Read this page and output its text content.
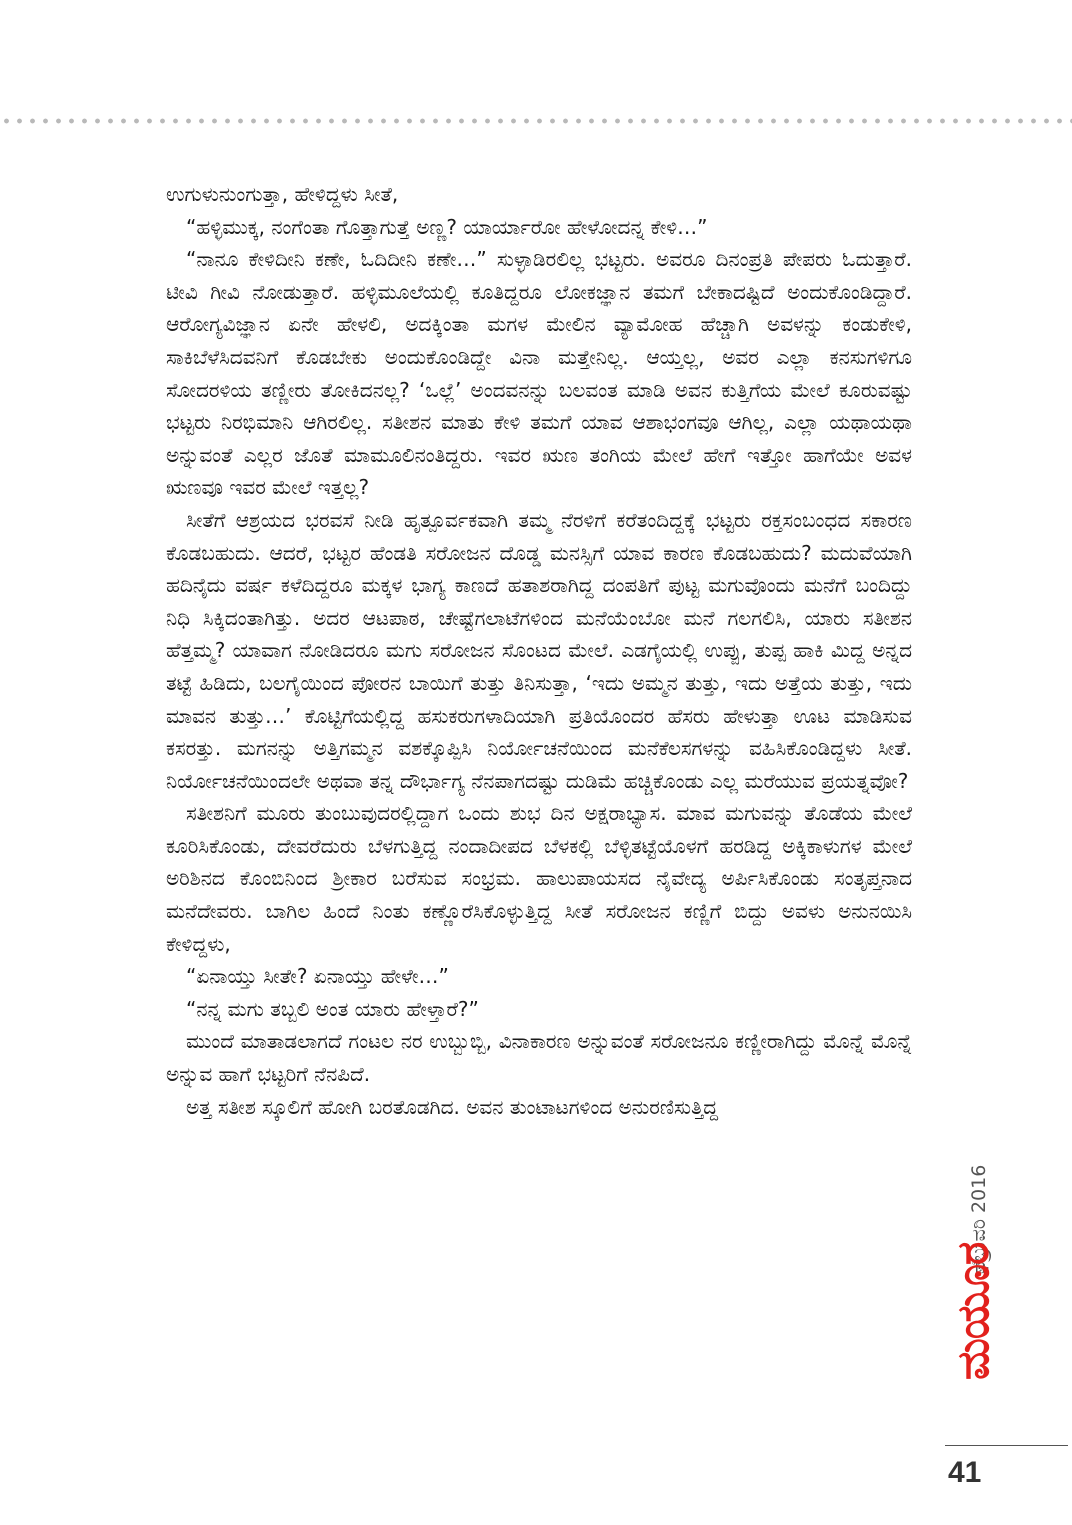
ಉಗುಳುನುಂಗುತ್ತಾ, ಹೇಳಿದ್ದಳು ಸೀತೆ,

“ಹಳ್ಳಿಮುಕ್ಕ, ನಂಗೆಂತಾ ಗೊತ್ತಾಗುತ್ತೆ ಅಣ್ಣ? ಯಾರ್ಯಾರೋ ಹೇಳೋದನ್ನ ಕೇಳಿ…”

“ನಾನೂ ಕೇಳಿದೀನಿ ಕಣೇ, ಓದಿದೀನಿ ಕಣೇ…” ಸುಳ್ಳಾಡಿರಲಿಲ್ಲ ಭಟ್ಟರು. ಅವರೂ ದಿನಂಪ್ರತಿ ಪೇಪರು ಓದುತ್ತಾರೆ. ಟೀವಿ ಗೀವಿ ನೋಡುತ್ತಾರೆ. ಹಳ್ಳಿಮೂಲೆಯಲ್ಲಿ ಕೂತಿದ್ದರೂ ಲೋಕಜ್ಞಾನ ತಮಗೆ ಬೇಕಾದಷ್ಟಿದೆ ಅಂದುಕೊಂಡಿದ್ದಾರೆ. ಆರೋಗ್ಯವಿಜ್ಞಾನ ಏನೇ ಹೇಳಲಿ, ಅದಕ್ಕಿಂತಾ ಮಗಳ ಮೇಲಿನ ವ್ಯಾಮೋಹ ಹೆಚ್ಚಾಗಿ ಅವಳನ್ನು ಕಂಡುಕೇಳಿ, ಸಾಕಿಬೆಳೆಸಿದವನಿಗೆ ಕೊಡಬೇಕು ಅಂದುಕೊಂಡಿದ್ದೇ ವಿನಾ ಮತ್ತೇನಿಲ್ಲ. ಆಯ್ತಲ್ಲ, ಅವರ ಎಲ್ಲಾ ಕನಸುಗಳಿಗೂ ಸೋದರಳಿಯ ತಣ್ಣೀರು ತೋಕಿದನಲ್ಲ? ‘ಒಲ್ಲೆ’ ಅಂದವನನ್ನು ಬಲವಂತ ಮಾಡಿ ಅವನ ಕುತ್ತಿಗೆಯ ಮೇಲೆ ಕೂರುವಷ್ಟು ಭಟ್ಟರು ನಿರಭಿಮಾನಿ ಆಗಿರಲಿಲ್ಲ. ಸತೀಶನ ಮಾತು ಕೇಳಿ ತಮಗೆ ಯಾವ ಆಶಾಭಂಗವೂ ಆಗಿಲ್ಲ, ಎಲ್ಲಾ ಯಥಾಯಥಾ ಅನ್ನುವಂತೆ ಎಲ್ಲರ ಜೊತೆ ಮಾಮೂಲಿನಂತಿದ್ದರು. ಇವರ ಋಣ ತಂಗಿಯ ಮೇಲೆ ಹೇಗೆ ಇತ್ತೋ ಹಾಗೆಯೇ ಅವಳ ಋಣವೂ ಇವರ ಮೇಲೆ ಇತ್ತಲ್ಲ?

ಸೀತೆಗೆ ಆಶ್ರಯದ ಭರವಸೆ ನೀಡಿ ಹೃತ್ಪೂರ್ವಕವಾಗಿ ತಮ್ಮ ನೆರಳಿಗೆ ಕರೆತಂದಿದ್ದಕ್ಕೆ ಭಟ್ಟರು ರಕ್ತಸಂಬಂಧದ ಸಕಾರಣ ಕೊಡಬಹುದು. ಆದರೆ, ಭಟ್ಟರ ಹೆಂಡತಿ ಸರೋಜನ ದೊಡ್ಡ ಮನಸ್ಸಿಗೆ ಯಾವ ಕಾರಣ ಕೊಡಬಹುದು? ಮದುವೆಯಾಗಿ ಹದಿನೈದು ವರ್ಷ ಕಳೆದಿದ್ದರೂ ಮಕ್ಕಳ ಭಾಗ್ಯ ಕಾಣದೆ ಹತಾಶರಾಗಿದ್ದ ದಂಪತಿಗೆ ಪುಟ್ಟ ಮಗುವೊಂದು ಮನೆಗೆ ಬಂದಿದ್ದು ನಿಧಿ ಸಿಕ್ಕಿದಂತಾಗಿತ್ತು. ಅದರ ಆಟಪಾಠ, ಚೇಷ್ಟೆಗಲಾಟೆಗಳಿಂದ ಮನೆಯೆಂಬೋ ಮನೆ ಗಲಗಲಿಸಿ, ಯಾರು ಸತೀಶನ ಹೆತ್ತಮ್ಮ? ಯಾವಾಗ ನೋಡಿದರೂ ಮಗು ಸರೋಜನ ಸೊಂಟದ ಮೇಲೆ. ಎಡಗೈಯಲ್ಲಿ ಉಪ್ಪು, ತುಪ್ಪ ಹಾಕಿ ಮಿದ್ದ ಅನ್ನದ ತಟ್ಟೆ ಹಿಡಿದು, ಬಲಗೈಯಿಂದ ಪೋರನ ಬಾಯಿಗೆ ತುತ್ತು ತಿನಿಸುತ್ತಾ, ‘ಇದು ಅಮ್ಮನ ತುತ್ತು, ಇದು ಅತ್ತೆಯ ತುತ್ತು, ಇದು ಮಾವನ ತುತ್ತು…’ ಕೊಟ್ಟಿಗೆಯಲ್ಲಿದ್ದ ಹಸುಕರುಗಳಾದಿಯಾಗಿ ಪ್ರತಿಯೊಂದರ ಹೆಸರು ಹೇಳುತ್ತಾ ಊಟ ಮಾಡಿಸುವ ಕಸರತ್ತು. ಮಗನನ್ನು ಅತ್ತಿಗಮ್ಮನ ವಶಕ್ಕೊಪ್ಪಿಸಿ ನಿರ್ಯೋಚನೆಯಿಂದ ಮನೆಕೆಲಸಗಳನ್ನು ವಹಿಸಿಕೊಂಡಿದ್ದಳು ಸೀತೆ. ನಿರ್ಯೋಚನೆಯಿಂದಲೇ ಅಥವಾ ತನ್ನ ದೌರ್ಭಾಗ್ಯ ನೆನಪಾಗದಷ್ಟು ದುಡಿಮೆ ಹಚ್ಚಿಕೊಂಡು ಎಲ್ಲ ಮರೆಯುವ ಪ್ರಯತ್ನವೋ?

ಸತೀಶನಿಗೆ ಮೂರು ತುಂಬುವುದರಲ್ಲಿದ್ದಾಗ ಒಂದು ಶುಭ ದಿನ ಅಕ್ಷರಾಭ್ಯಾಸ. ಮಾವ ಮಗುವನ್ನು ತೊಡೆಯ ಮೇಲೆ ಕೂರಿಸಿಕೊಂಡು, ದೇವರೆದುರು ಬೆಳಗುತ್ತಿದ್ದ ನಂದಾದೀಪದ ಬೆಳಕಲ್ಲಿ ಬೆಳ್ಳಿತಟ್ಟೆಯೊಳಗೆ ಹರಡಿದ್ದ ಅಕ್ಕಿಕಾಳುಗಳ ಮೇಲೆ ಅರಿಶಿನದ ಕೊಂಬಿನಿಂದ ಶ್ರೀಕಾರ ಬರೆಸುವ ಸಂಭ್ರಮ. ಹಾಲುಪಾಯಸದ ನೈವೇದ್ಯ ಅರ್ಪಿಸಿಕೊಂಡು ಸಂತೃಪ್ತನಾದ ಮನೆದೇವರು. ಬಾಗಿಲ ಹಿಂದೆ ನಿಂತು ಕಣ್ಣೊರೆಸಿಕೊಳ್ಳುತ್ತಿದ್ದ ಸೀತೆ ಸರೋಜನ ಕಣ್ಣಿಗೆ ಬಿದ್ದು ಅವಳು ಅನುನಯಿಸಿ ಕೇಳಿದ್ದಳು,

“ಏನಾಯ್ತು ಸೀತೇ? ಏನಾಯ್ತು ಹೇಳೇ…”

“ನನ್ನ ಮಗು ತಬ್ಬಲಿ ಅಂತ ಯಾರು ಹೇಳ್ತಾರೆ?”

ಮುಂದೆ ಮಾತಾಡಲಾಗದೆ ಗಂಟಲ ನರ ಉಬ್ಬುಬ್ಬಿ, ವಿನಾಕಾರಣ ಅನ್ನುವಂತೆ ಸರೋಜನೂ ಕಣ್ಣೀರಾಗಿದ್ದು ಮೊನ್ನೆ ಮೊನ್ನೆ ಅನ್ನುವ ಹಾಗೆ ಭಟ್ಟರಿಗೆ ನೆನಪಿದೆ.

ಅತ್ತ ಸತೀಶ ಸ್ಕೂಲಿಗೆ ಹೋಗಿ ಬರತೊಡಗಿದ. ಅವನ ತುಂಟಾಟಗಳಿಂದ ಅನುರಣಿಸುತ್ತಿದ್ದ

ಫೆಬ್ರುವರಿ 2016
ಮಯೂರ
41
